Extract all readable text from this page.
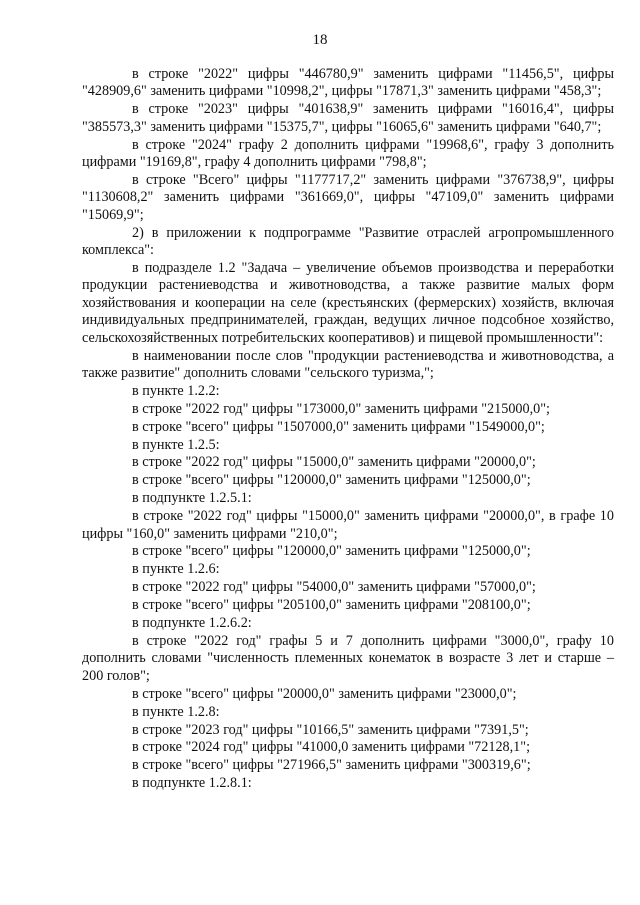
18

в строке "2022" цифры "446780,9" заменить цифрами "11456,5", цифры "428909,6" заменить цифрами "10998,2", цифры "17871,3" заменить цифрами "458,3";

в строке "2023" цифры "401638,9" заменить цифрами "16016,4", цифры "385573,3" заменить цифрами "15375,7", цифры "16065,6" заменить цифрами "640,7";

в строке "2024" графу 2 дополнить цифрами "19968,6", графу 3 дополнить цифрами "19169,8", графу 4 дополнить цифрами "798,8";

в строке "Всего" цифры "1177717,2" заменить цифрами "376738,9", цифры "1130608,2" заменить цифрами "361669,0", цифры "47109,0" заменить цифрами "15069,9";

2) в приложении к подпрограмме "Развитие отраслей агропромышленного комплекса":

в подразделе 1.2 "Задача – увеличение объемов производства и переработки продукции растениеводства и животноводства, а также развитие малых форм хозяйствования и кооперации на селе (крестьянских (фермерских) хозяйств, включая индивидуальных предпринимателей, граждан, ведущих личное подсобное хозяйство, сельскохозяйственных потребительских кооперативов) и пищевой промышленности":

в наименовании после слов "продукции растениеводства и животноводства, а также развитие" дополнить словами "сельского туризма,";

в пункте 1.2.2:

в строке "2022 год" цифры "173000,0" заменить цифрами "215000,0";

в строке "всего" цифры "1507000,0" заменить цифрами "1549000,0";

в пункте 1.2.5:

в строке "2022 год" цифры "15000,0" заменить цифрами "20000,0";

в строке "всего" цифры "120000,0" заменить цифрами "125000,0";

в подпункте 1.2.5.1:

в строке "2022 год" цифры "15000,0" заменить цифрами "20000,0", в графе 10 цифры "160,0" заменить цифрами "210,0";

в строке "всего" цифры "120000,0" заменить цифрами "125000,0";

в пункте 1.2.6:

в строке "2022 год" цифры "54000,0" заменить цифрами "57000,0";

в строке "всего" цифры "205100,0" заменить цифрами "208100,0";

в подпункте 1.2.6.2:

в строке "2022 год" графы 5 и 7 дополнить цифрами "3000,0", графу 10 дополнить словами "численность племенных конематок в возрасте 3 лет и старше – 200 голов";

в строке "всего" цифры "20000,0" заменить цифрами "23000,0";

в пункте 1.2.8:

в строке "2023 год" цифры "10166,5" заменить цифрами "7391,5";

в строке "2024 год" цифры "41000,0 заменить цифрами "72128,1";

в строке "всего" цифры "271966,5" заменить цифрами "300319,6";

в подпункте 1.2.8.1:
